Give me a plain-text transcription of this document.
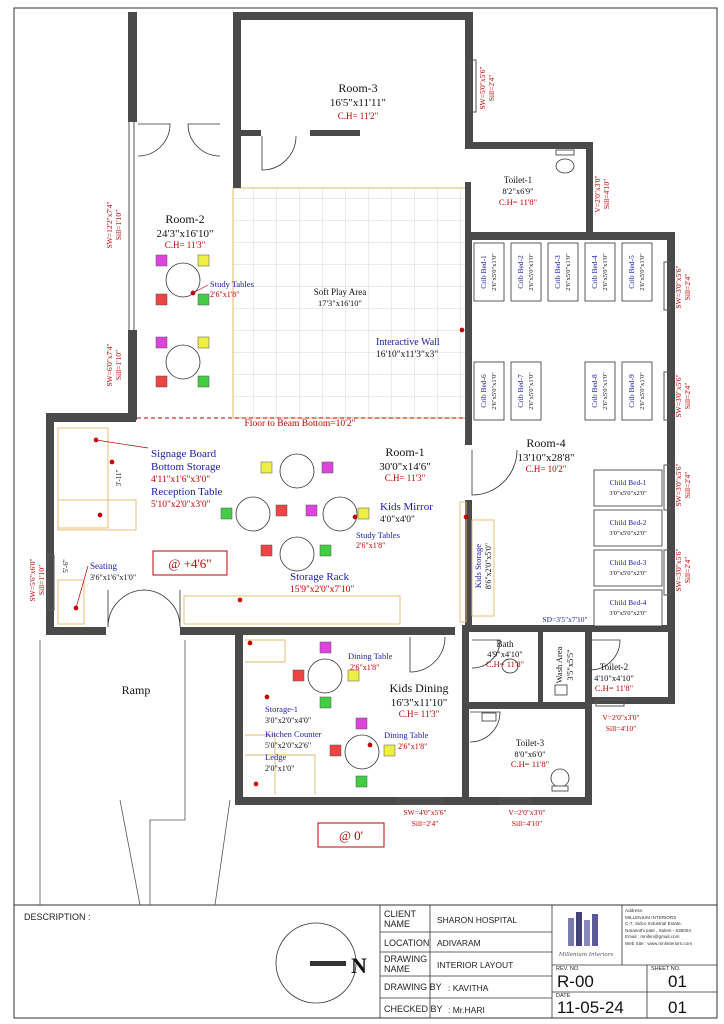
Crib Bed-1 2'6"x5'0"x1'0" Crib Bed-2 2'6"x5'0"x1'0" Crib Bed-3 2'6"x5'0"x1'0" Crib Bed-4 2'6"x5'0"x1'0" Crib Bed-5 2'6"x5'0"x1'0"
Crib Bed-6 2'6"x5'0"x1'0" Crib Bed-7 2'6"x5'0"x1'0"	Crib Bed-8 2'6"x5'0"x1'0" Crib Bed-9 2'6"x5'0"x1'0"
Child Bed-1
3'0"x5'0"x2'0"
Child Bed-2
3'0"x5'0"x2'0"
Child Bed-3
3'0"x5'0"x2'0"
Child Bed-4
3'0"x5'0"x2'0"
Room-3
16'5"x11'11"
C.H= 11'2"
Room-2
24'3"x16'10"
C.H= 11'3"
Toilet-1
8'2"x6'9"
C.H= 11'8"
Soft Play Area
17'3"x16'10"
Room-1
30'0"x14'6"
C.H= 11'3"
Room-4
13'10"x28'8"
C.H= 10'2"
Kids Dining
16'3"x11'10"
C.H= 11'3"
Bath
4'9"x4'10"
C.H= 11'8"	Toilet-2
4'10"x4'10"
C.H= 11'8"
Toilet-3
8'0"x6'0"
C.H= 11'8"
Wash Area 3'5"x5'5"
Study Tables
2'6"x1'8"
Interactive Wall
16'10"x11'3"x3"
Signage Board
Bottom Storage
4'11"x1'6"x3'0"
Reception Table
5'10"x2'0"x3'0"	Kids Mirror
4'0"x4'0"
Study Tables
2'6"x1'8"
Seating
3'6"x1'6"x1'0"	Storage Rack
15'9"x2'0"x7'10"
Dining Table
2'6"x1'8"
Storage-1
3'0"x2'0"x4'0"
Kitchen Counter
5'0"x2'0"x2'6"
Ledge
2'0"x1'0"
Dining Table
2'6"x1'8"
Kids Storage 8'6"x2'0"x5'0"
Floor to Beam Bottom=10'2"
@ +4'6"
@ 0'
Ramp
SD=3'5"x7'10"
3'-11"
5'-6"
SW=5'0"x5'6" Sill=2'4"
SW=12'2"x7'4" Sill=1'10"
SW=6'0"x7'4" Sill=1'10"
V=2'0"x3'0" Sill=4'10"
SW=3'0"x5'6" Sill=2'4"
SW=3'0"x5'6" Sill=2'4"
SW=3'0"x5'6" Sill=2'4"
SW=3'0"x5'6" Sill=2'4"
SW=5'6"x6'0" Sill=1'10"
V=2'0"x3'0"
Sill=4'10"
SW=4'0"x5'6"
Sill=2'4"
V=2'0"x3'0"
Sill=4'10"
N	Millenium Interiors
DESCRIPTION :	CLIENT NAME	SHARON HOSPITAL
LOCATION ADIVARAM
DRAWING NAME	INTERIOR LAYOUT
DRAWING BY : KAVITHA
CHECKED BY : Mr.HARI
Address:
MILLENIUM INTERIORS
C-7, Sidco Industrial Estate,
Narasothi patti , Salem - 636004
Email : mnihin@gmail.com
Web Site : www.mnlinteriors.com
REV. NO.
R-00
SHEET NO.
01
DATE
11-05-24	01
